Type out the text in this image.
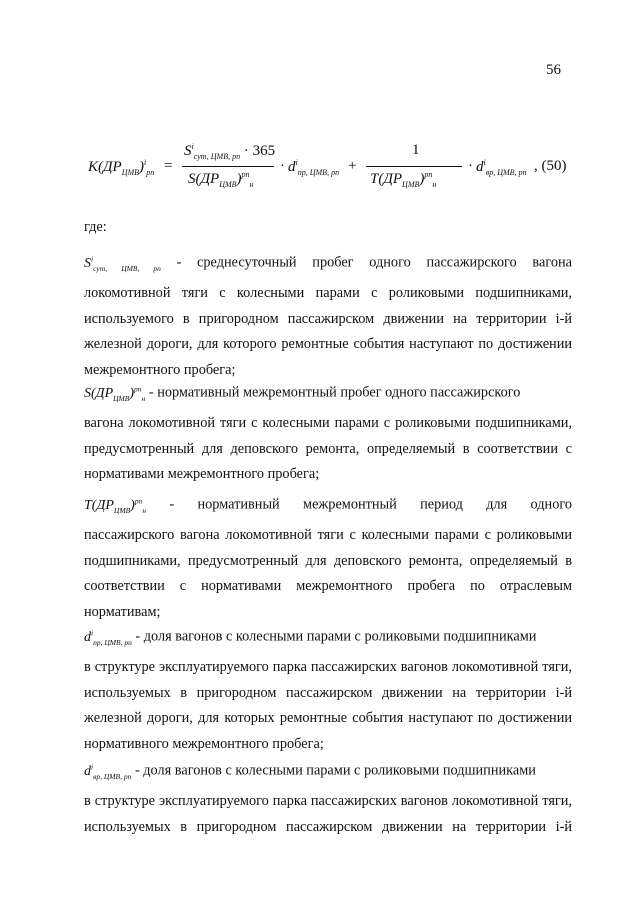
56
$K(ДР_{ЦМВ})^i_{рп}$ =
$S^i_{сут, ЦМВ, рп} \cdot 365$
$S(ДР_{ЦМВ})^{рп}_н$
· $d^i_{пр, ЦМВ, рп}$ +
1
$T(ДР_{ЦМВ})^{рп}_н$
· $d^i_{вр, ЦМВ, рп}$ , (50)
где:
$S^i_{сут, ЦМВ, рп}$ - среднесуточный пробег одного пассажирского вагона
локомотивной тяги с колесными парами с роликовыми подшипниками,
используемого в пригородном пассажирском движении на территории i-й
железной дороги, для которого ремонтные события наступают по достижении
межремонтного пробега;
$S(ДР_{ЦМВ})^{рп}_н$ - нормативный межремонтный пробег одного пассажирского
вагона локомотивной тяги с колесными парами с роликовыми подшипниками,
предусмотренный для деповского ремонта, определяемый в соответствии с
нормативами межремонтного пробега;
$T(ДР_{ЦМВ})^{рп}_н$ - нормативный межремонтный период для одного
пассажирского вагона локомотивной тяги с колесными парами с роликовыми
подшипниками, предусмотренный для деповского ремонта, определяемый в
соответствии с нормативами межремонтного пробега по отраслевым
нормативам;
$d^i_{пр, ЦМВ, рп}$ - доля вагонов с колесными парами с роликовыми подшипниками
в структуре эксплуатируемого парка пассажирских вагонов локомотивной тяги,
используемых в пригородном пассажирском движении на территории i-й
железной дороги, для которых ремонтные события наступают по достижении
нормативного межремонтного пробега;
$d^i_{вр, ЦМВ, рп}$ - доля вагонов с колесными парами с роликовыми подшипниками
в структуре эксплуатируемого парка пассажирских вагонов локомотивной тяги,
используемых в пригородном пассажирском движении на территории i-й
